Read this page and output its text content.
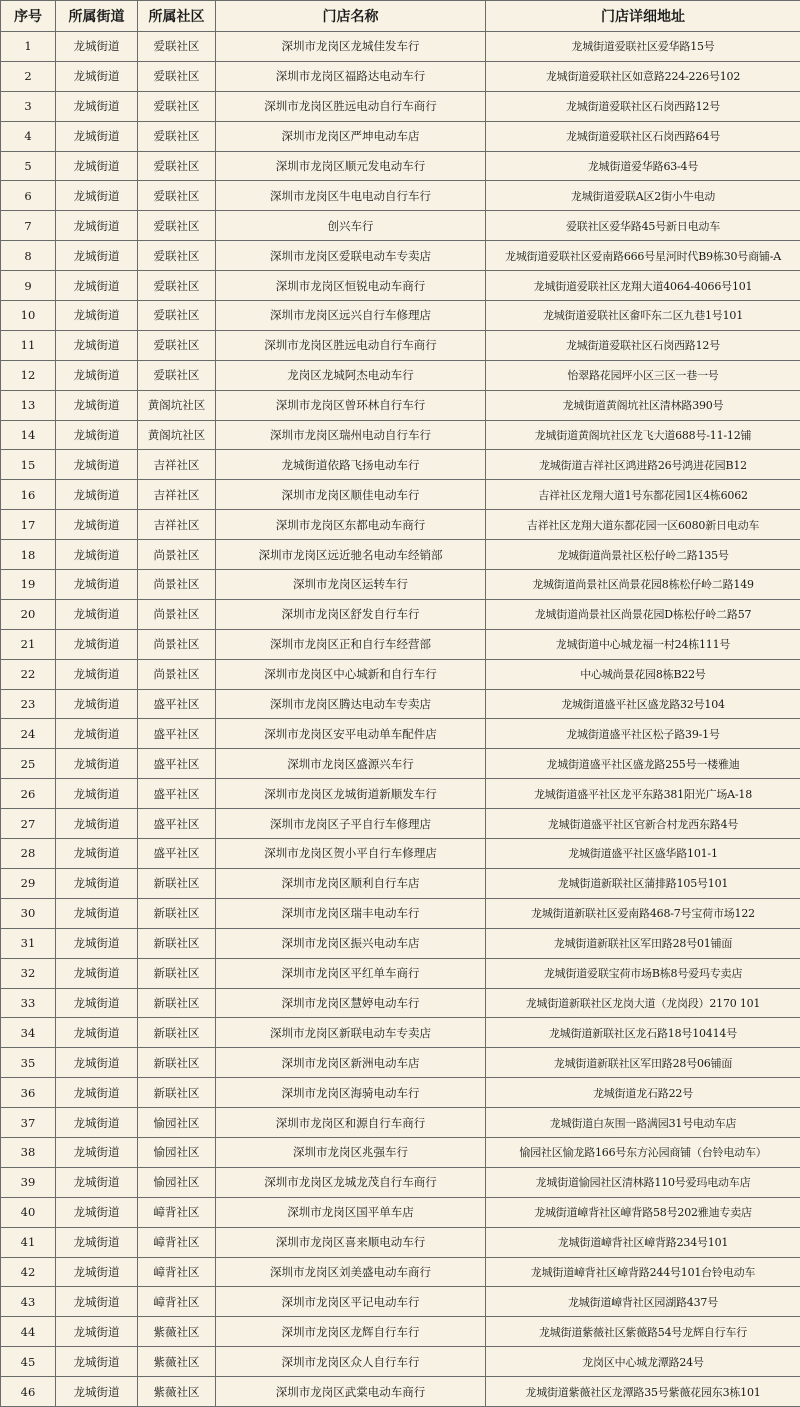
序号	所属街道	所属社区	门店名称	门店详细地址
1	龙城街道	爱联社区	深圳市龙岗区龙城佳发车行	龙城街道爱联社区爱华路15号
2	龙城街道	爱联社区	深圳市龙岗区福路达电动车行	龙城街道爱联社区如意路224-226号102
3	龙城街道	爱联社区	深圳市龙岗区胜远电动自行车商行	龙城街道爱联社区石岗西路12号
4	龙城街道	爱联社区	深圳市龙岗区严坤电动车店	龙城街道爱联社区石岗西路64号
5	龙城街道	爱联社区	深圳市龙岗区顺元发电动车行	龙城街道爱华路63-4号
6	龙城街道	爱联社区	深圳市龙岗区牛电电动自行车行	龙城街道爱联A区2街小牛电动
7	龙城街道	爱联社区	创兴车行	爱联社区爱华路45号新日电动车
8	龙城街道	爱联社区	深圳市龙岗区爱联电动车专卖店	龙城街道爱联社区爱南路666号星河时代B9栋30号商铺-A
9	龙城街道	爱联社区	深圳市龙岗区恒锐电动车商行	龙城街道爱联社区龙翔大道4064-4066号101
10	龙城街道	爱联社区	深圳市龙岗区远兴自行车修理店	龙城街道爱联社区畲吓东二区九巷1号101
11	龙城街道	爱联社区	深圳市龙岗区胜远电动自行车商行	龙城街道爱联社区石岗西路12号
12	龙城街道	爱联社区	龙岗区龙城阿杰电动车行	怡翠路花园坪小区三区一巷一号
13	龙城街道	黄阁坑社区	深圳市龙岗区曾环林自行车行	龙城街道黄阁坑社区清林路390号
14	龙城街道	黄阁坑社区	深圳市龙岗区瑞州电动自行车行	龙城街道黄阁坑社区龙飞大道688号-11-12铺
15	龙城街道	吉祥社区	龙城街道依路飞扬电动车行	龙城街道吉祥社区鸿进路26号鸿进花园B12
16	龙城街道	吉祥社区	深圳市龙岗区顺佳电动车行	吉祥社区龙翔大道1号东都花园1区4栋6062
17	龙城街道	吉祥社区	深圳市龙岗区东都电动车商行	吉祥社区龙翔大道东都花园一区6080新日电动车
18	龙城街道	尚景社区	深圳市龙岗区远近驰名电动车经销部	龙城街道尚景社区松仔岭二路135号
19	龙城街道	尚景社区	深圳市龙岗区运转车行	龙城街道尚景社区尚景花园8栋松仔岭二路149
20	龙城街道	尚景社区	深圳市龙岗区舒发自行车行	龙城街道尚景社区尚景花园D栋松仔岭二路57
21	龙城街道	尚景社区	深圳市龙岗区正和自行车经营部	龙城街道中心城龙福一村24栋111号
22	龙城街道	尚景社区	深圳市龙岗区中心城新和自行车行	中心城尚景花园8栋B22号
23	龙城街道	盛平社区	深圳市龙岗区腾达电动车专卖店	龙城街道盛平社区盛龙路32号104
24	龙城街道	盛平社区	深圳市龙岗区安平电动单车配件店	龙城街道盛平社区松子路39-1号
25	龙城街道	盛平社区	深圳市龙岗区盛源兴车行	龙城街道盛平社区盛龙路255号一楼雅迪
26	龙城街道	盛平社区	深圳市龙岗区龙城街道新顺发车行	龙城街道盛平社区龙平东路381阳光广场A-18
27	龙城街道	盛平社区	深圳市龙岗区子平自行车修理店	龙城街道盛平社区官新合村龙西东路4号
28	龙城街道	盛平社区	深圳市龙岗区贺小平自行车修理店	龙城街道盛平社区盛华路101-1
29	龙城街道	新联社区	深圳市龙岗区顺利自行车店	龙城街道新联社区蒲排路105号101
30	龙城街道	新联社区	深圳市龙岗区瑞丰电动车行	龙城街道新联社区爱南路468-7号宝荷市场122
31	龙城街道	新联社区	深圳市龙岗区振兴电动车店	龙城街道新联社区军田路28号01铺面
32	龙城街道	新联社区	深圳市龙岗区平红单车商行	龙城街道爱联宝荷市场B栋8号爱玛专卖店
33	龙城街道	新联社区	深圳市龙岗区慧婷电动车行	龙城街道新联社区龙岗大道（龙岗段）2170 101
34	龙城街道	新联社区	深圳市龙岗区新联电动车专卖店	龙城街道新联社区龙石路18号10414号
35	龙城街道	新联社区	深圳市龙岗区新洲电动车店	龙城街道新联社区军田路28号06铺面
36	龙城街道	新联社区	深圳市龙岗区海骑电动车行	龙城街道龙石路22号
37	龙城街道	愉园社区	深圳市龙岗区和源自行车商行	龙城街道白灰围一路满园31号电动车店
38	龙城街道	愉园社区	深圳市龙岗区兆强车行	愉园社区愉龙路166号东方沁园商铺（台铃电动车）
39	龙城街道	愉园社区	深圳市龙岗区龙城龙茂自行车商行	龙城街道愉园社区清林路110号爱玛电动车店
40	龙城街道	嶂背社区	深圳市龙岗区国平单车店	龙城街道嶂背社区嶂背路58号202雅迪专卖店
41	龙城街道	嶂背社区	深圳市龙岗区喜来顺电动车行	龙城街道嶂背社区嶂背路234号101
42	龙城街道	嶂背社区	深圳市龙岗区刘美盛电动车商行	龙城街道嶂背社区嶂背路244号101台铃电动车
43	龙城街道	嶂背社区	深圳市龙岗区平记电动车行	龙城街道嶂背社区园湖路437号
44	龙城街道	紫薇社区	深圳市龙岗区龙辉自行车行	龙城街道紫薇社区紫薇路54号龙辉自行车行
45	龙城街道	紫薇社区	深圳市龙岗区众人自行车行	龙岗区中心城龙潭路24号
46	龙城街道	紫薇社区	深圳市龙岗区武棠电动车商行	龙城街道紫薇社区龙潭路35号紫薇花园东3栋101
